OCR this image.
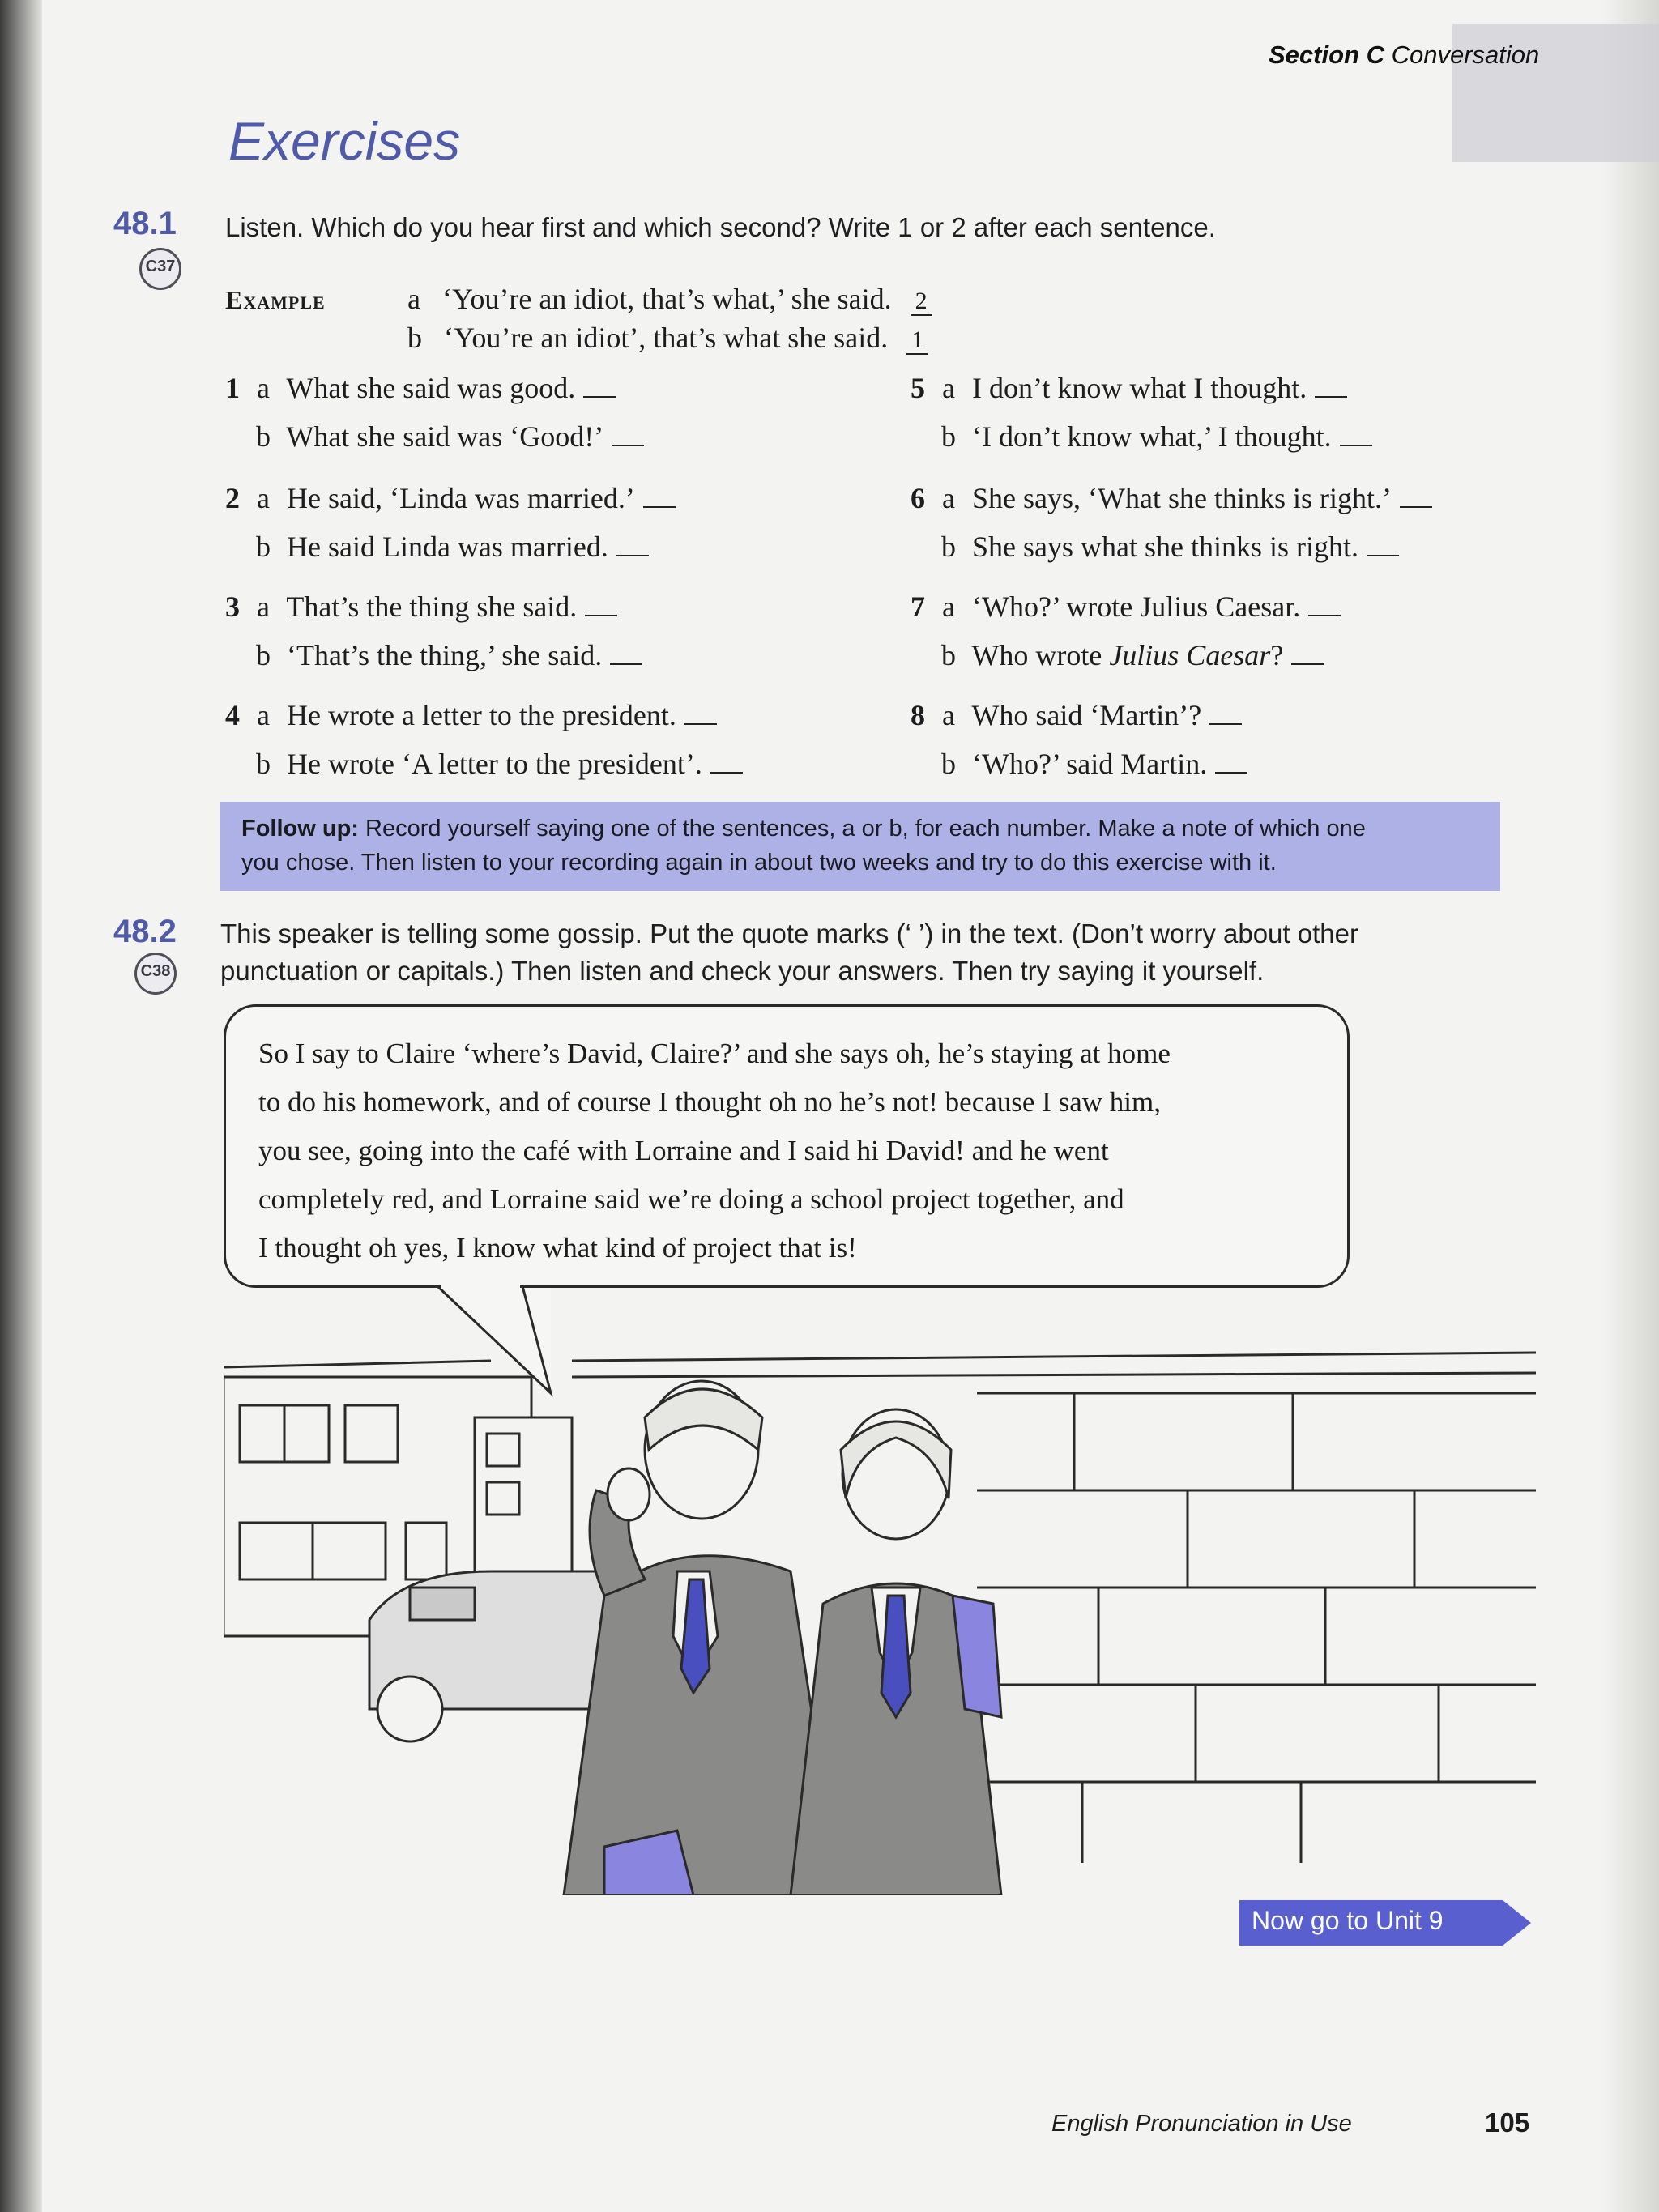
Section C Conversation
Exercises
48.1
C37
Listen. Which do you hear first and which second? Write 1 or 2 after each sentence.
Example	a ‘You’re an idiot, that’s what,’ she said. 2
b ‘You’re an idiot’, that’s what she said. 1
1 a What she said was good.
b What she said was ‘Good!’
2 a He said, ‘Linda was married.’
b He said Linda was married.
3 a That’s the thing she said.
b ‘That’s the thing,’ she said.
4 a He wrote a letter to the president.
b He wrote ‘A letter to the president’.
5 a I don’t know what I thought.
b ‘I don’t know what,’ I thought.
6 a She says, ‘What she thinks is right.’
b She says what she thinks is right.
7 a ‘Who?’ wrote Julius Caesar.
b Who wrote Julius Caesar?
8 a Who said ‘Martin’?
b ‘Who?’ said Martin.
Follow up: Record yourself saying one of the sentences, a or b, for each number. Make a note of which one
you chose. Then listen to your recording again in about two weeks and try to do this exercise with it.
48.2
C38
This speaker is telling some gossip. Put the quote marks (‘ ’) in the text. (Don’t worry about other
punctuation or capitals.) Then listen and check your answers. Then try saying it yourself.
So I say to Claire ‘where’s David, Claire?’ and she says oh, he’s staying at home
to do his homework, and of course I thought oh no he’s not! because I saw him,
you see, going into the café with Lorraine and I said hi David! and he went
completely red, and Lorraine said we’re doing a school project together, and
I thought oh yes, I know what kind of project that is!
Now go to Unit 9
English Pronunciation in Use	105
